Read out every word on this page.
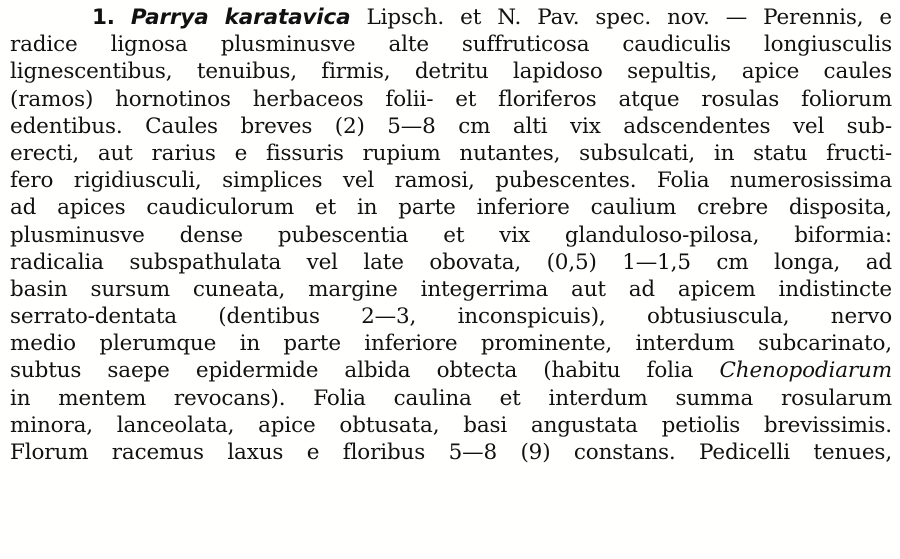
1. Parrya karatavica Lipsch. et N. Pav. spec. nov. — Perennis, e
radice lignosa plusminusve alte suffruticosa caudiculis longiusculis
lignescentibus, tenuibus, firmis, detritu lapidoso sepultis, apice caules
(ramos) hornotinos herbaceos folii- et floriferos atque rosulas foliorum
edentibus. Caules breves (2) 5—8 cm alti vix adscendentes vel sub-
erecti, aut rarius e fissuris rupium nutantes, subsulcati, in statu fructi-
fero rigidiusculi, simplices vel ramosi, pubescentes. Folia numerosissima
ad apices caudiculorum et in parte inferiore caulium crebre disposita,
plusminusve dense pubescentia et vix glanduloso-pilosa, biformia:
radicalia subspathulata vel late obovata, (0,5) 1—1,5 cm longa, ad
basin sursum cuneata, margine integerrima aut ad apicem indistincte
serrato-dentata (dentibus 2—3, inconspicuis), obtusiuscula, nervo
medio plerumque in parte inferiore prominente, interdum subcarinato,
subtus saepe epidermide albida obtecta (habitu folia Chenopodiarum
in mentem revocans). Folia caulina et interdum summa rosularum
minora, lanceolata, apice obtusata, basi angustata petiolis brevissimis.
Florum racemus laxus e floribus 5—8 (9) constans. Pedicelli tenues,
